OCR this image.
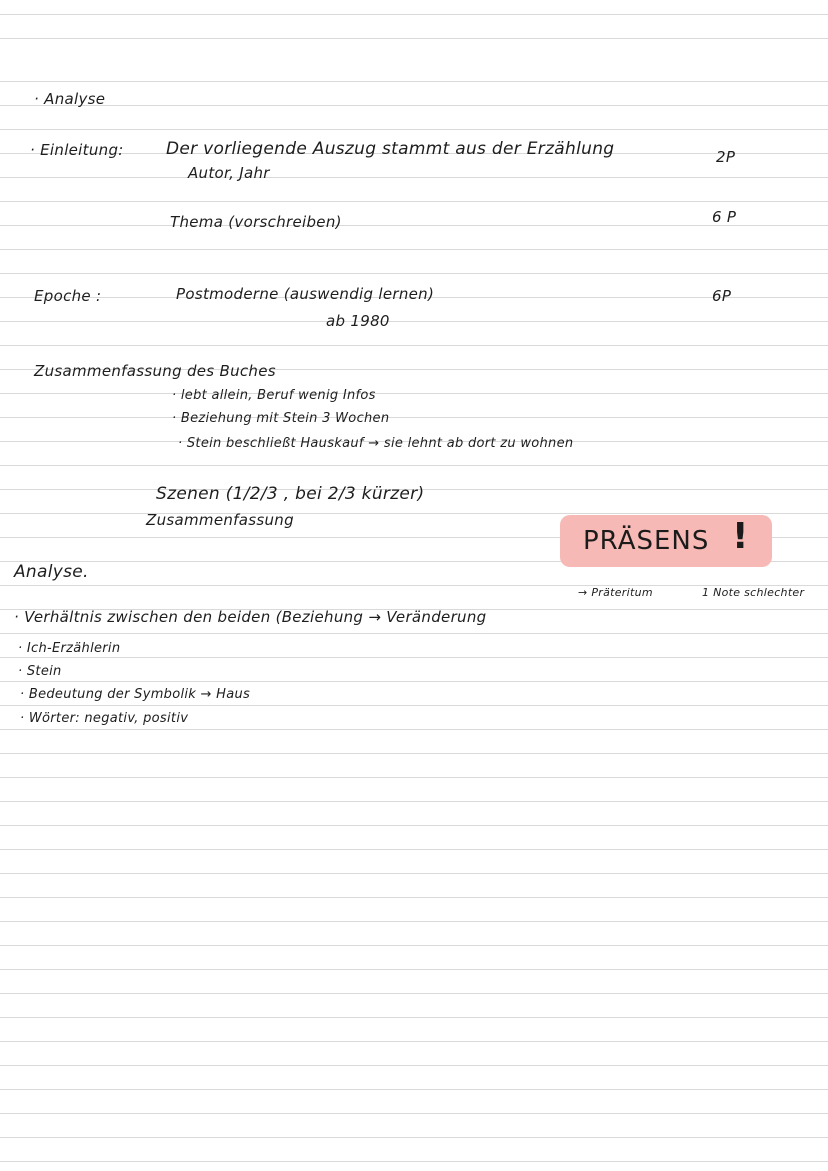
· Analyse
· Einleitung: Der vorliegende Auszug stammt aus der Erzählung	2P
Autor, Jahr
Thema (vorschreiben)	6 P
Epoche :	Postmoderne (auswendig lernen)	6P
ab 1980
Zusammenfassung des Buches
· lebt allein, Beruf wenig Infos
· Beziehung mit Stein 3 Wochen
· Stein beschließt Hauskauf → sie lehnt ab dort zu wohnen
Szenen (1/2/3 , bei 2/3 kürzer)
Zusammenfassung
PRÄSENS !
Analyse.
→ Präteritum	1 Note schlechter
· Verhältnis zwischen den beiden (Beziehung → Veränderung
· Ich-Erzählerin
· Stein
· Bedeutung der Symbolik → Haus
· Wörter: negativ, positiv
